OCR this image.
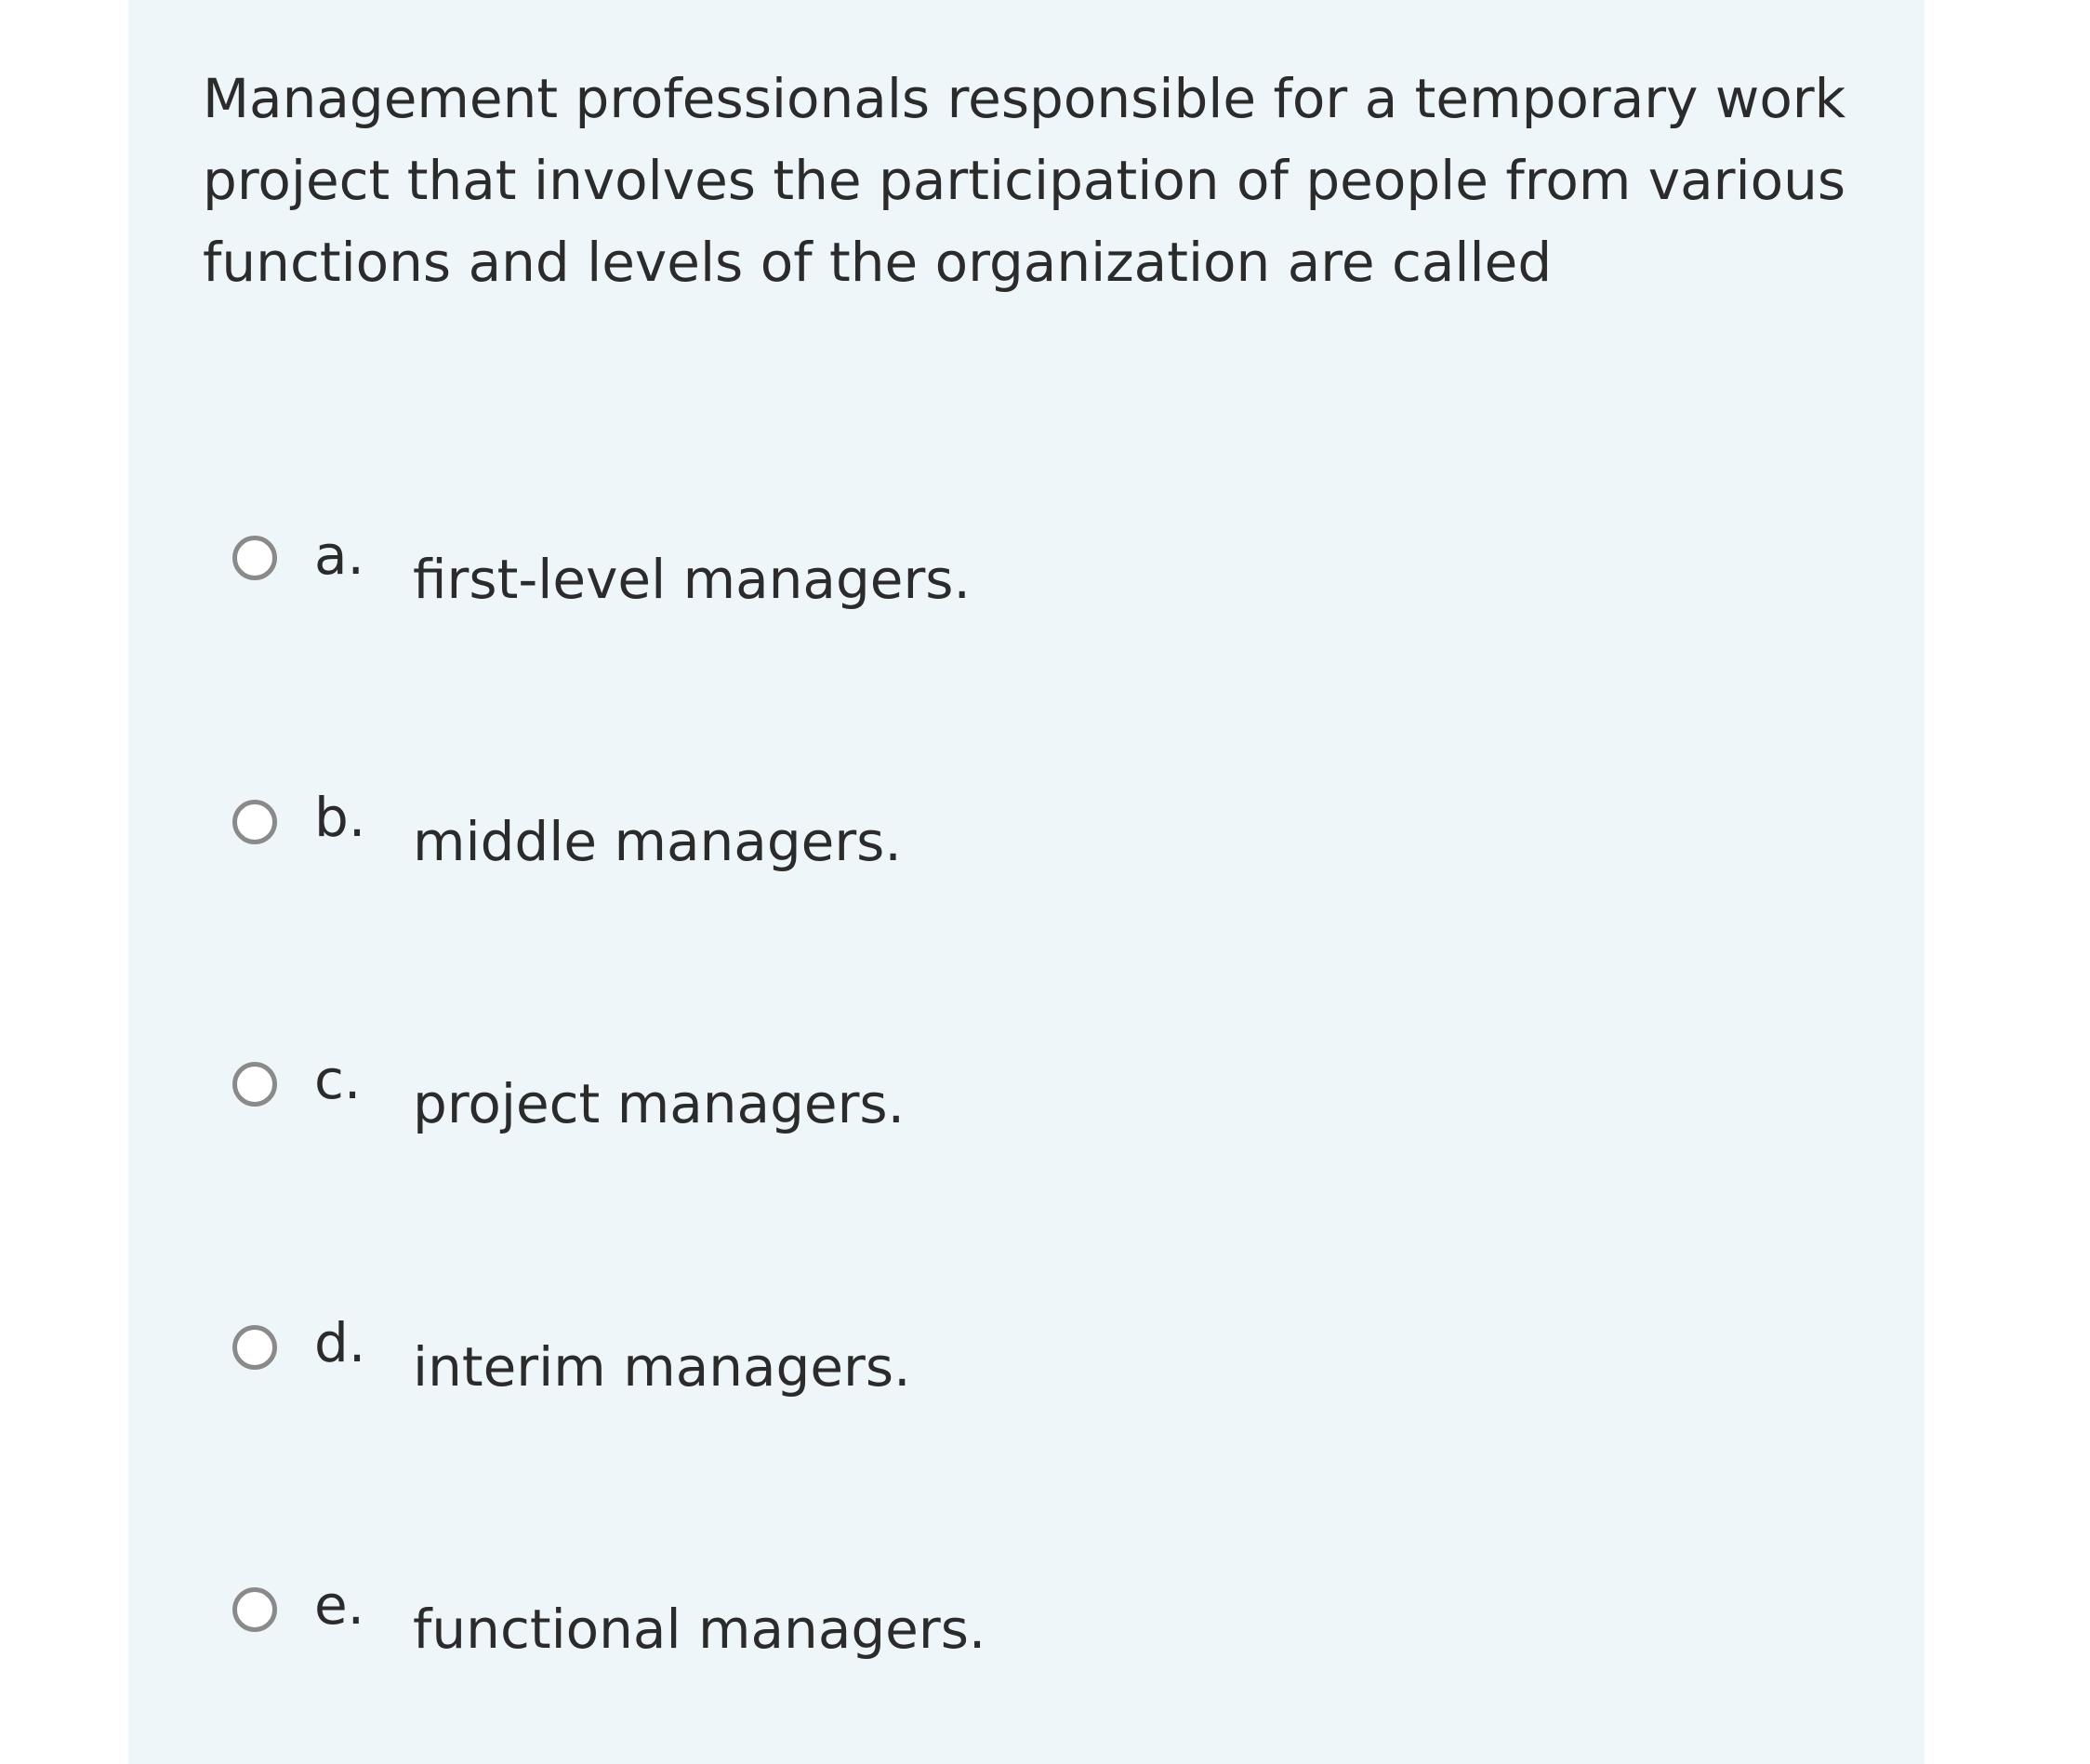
Management professionals responsible for a temporary work project that involves the participation of people from various functions and levels of the organization are called

a. first-level managers.
b. middle managers.
c. project managers.
d. interim managers.
e. functional managers.
